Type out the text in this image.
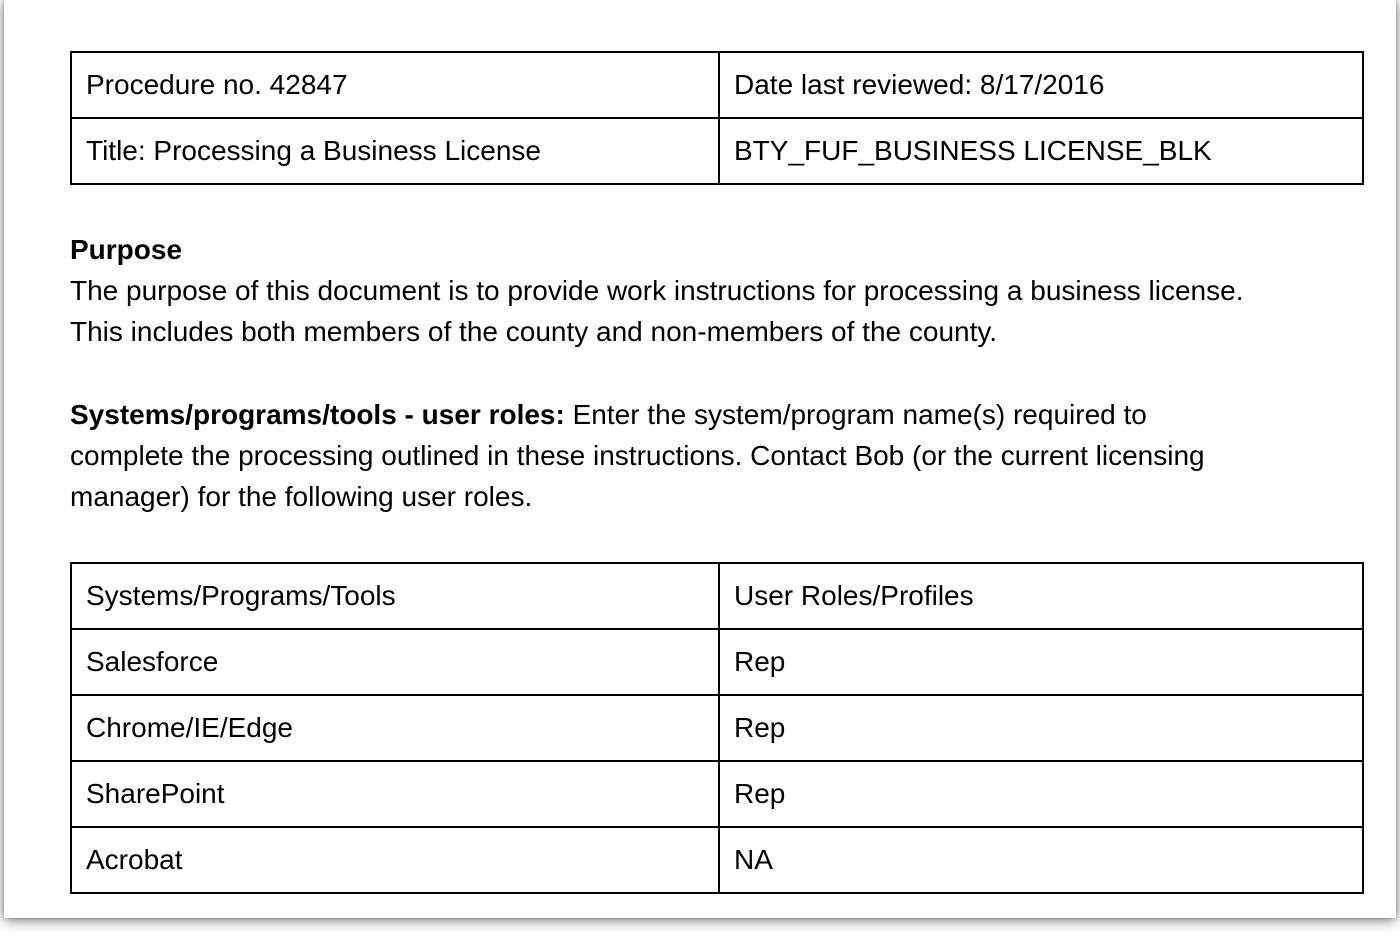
Procedure no. 42847	Date last reviewed: 8/17/2016
Title: Processing a Business License	BTY_FUF_BUSINESS LICENSE_BLK

Purpose

The purpose of this document is to provide work instructions for processing a business license.

This includes both members of the county and non-members of the county.

Systems/programs/tools - user roles: Enter the system/program name(s) required to

complete the processing outlined in these instructions. Contact Bob (or the current licensing

manager) for the following user roles.

Systems/Programs/Tools	User Roles/Profiles
Salesforce	Rep
Chrome/IE/Edge	Rep
SharePoint	Rep
Acrobat	NA
